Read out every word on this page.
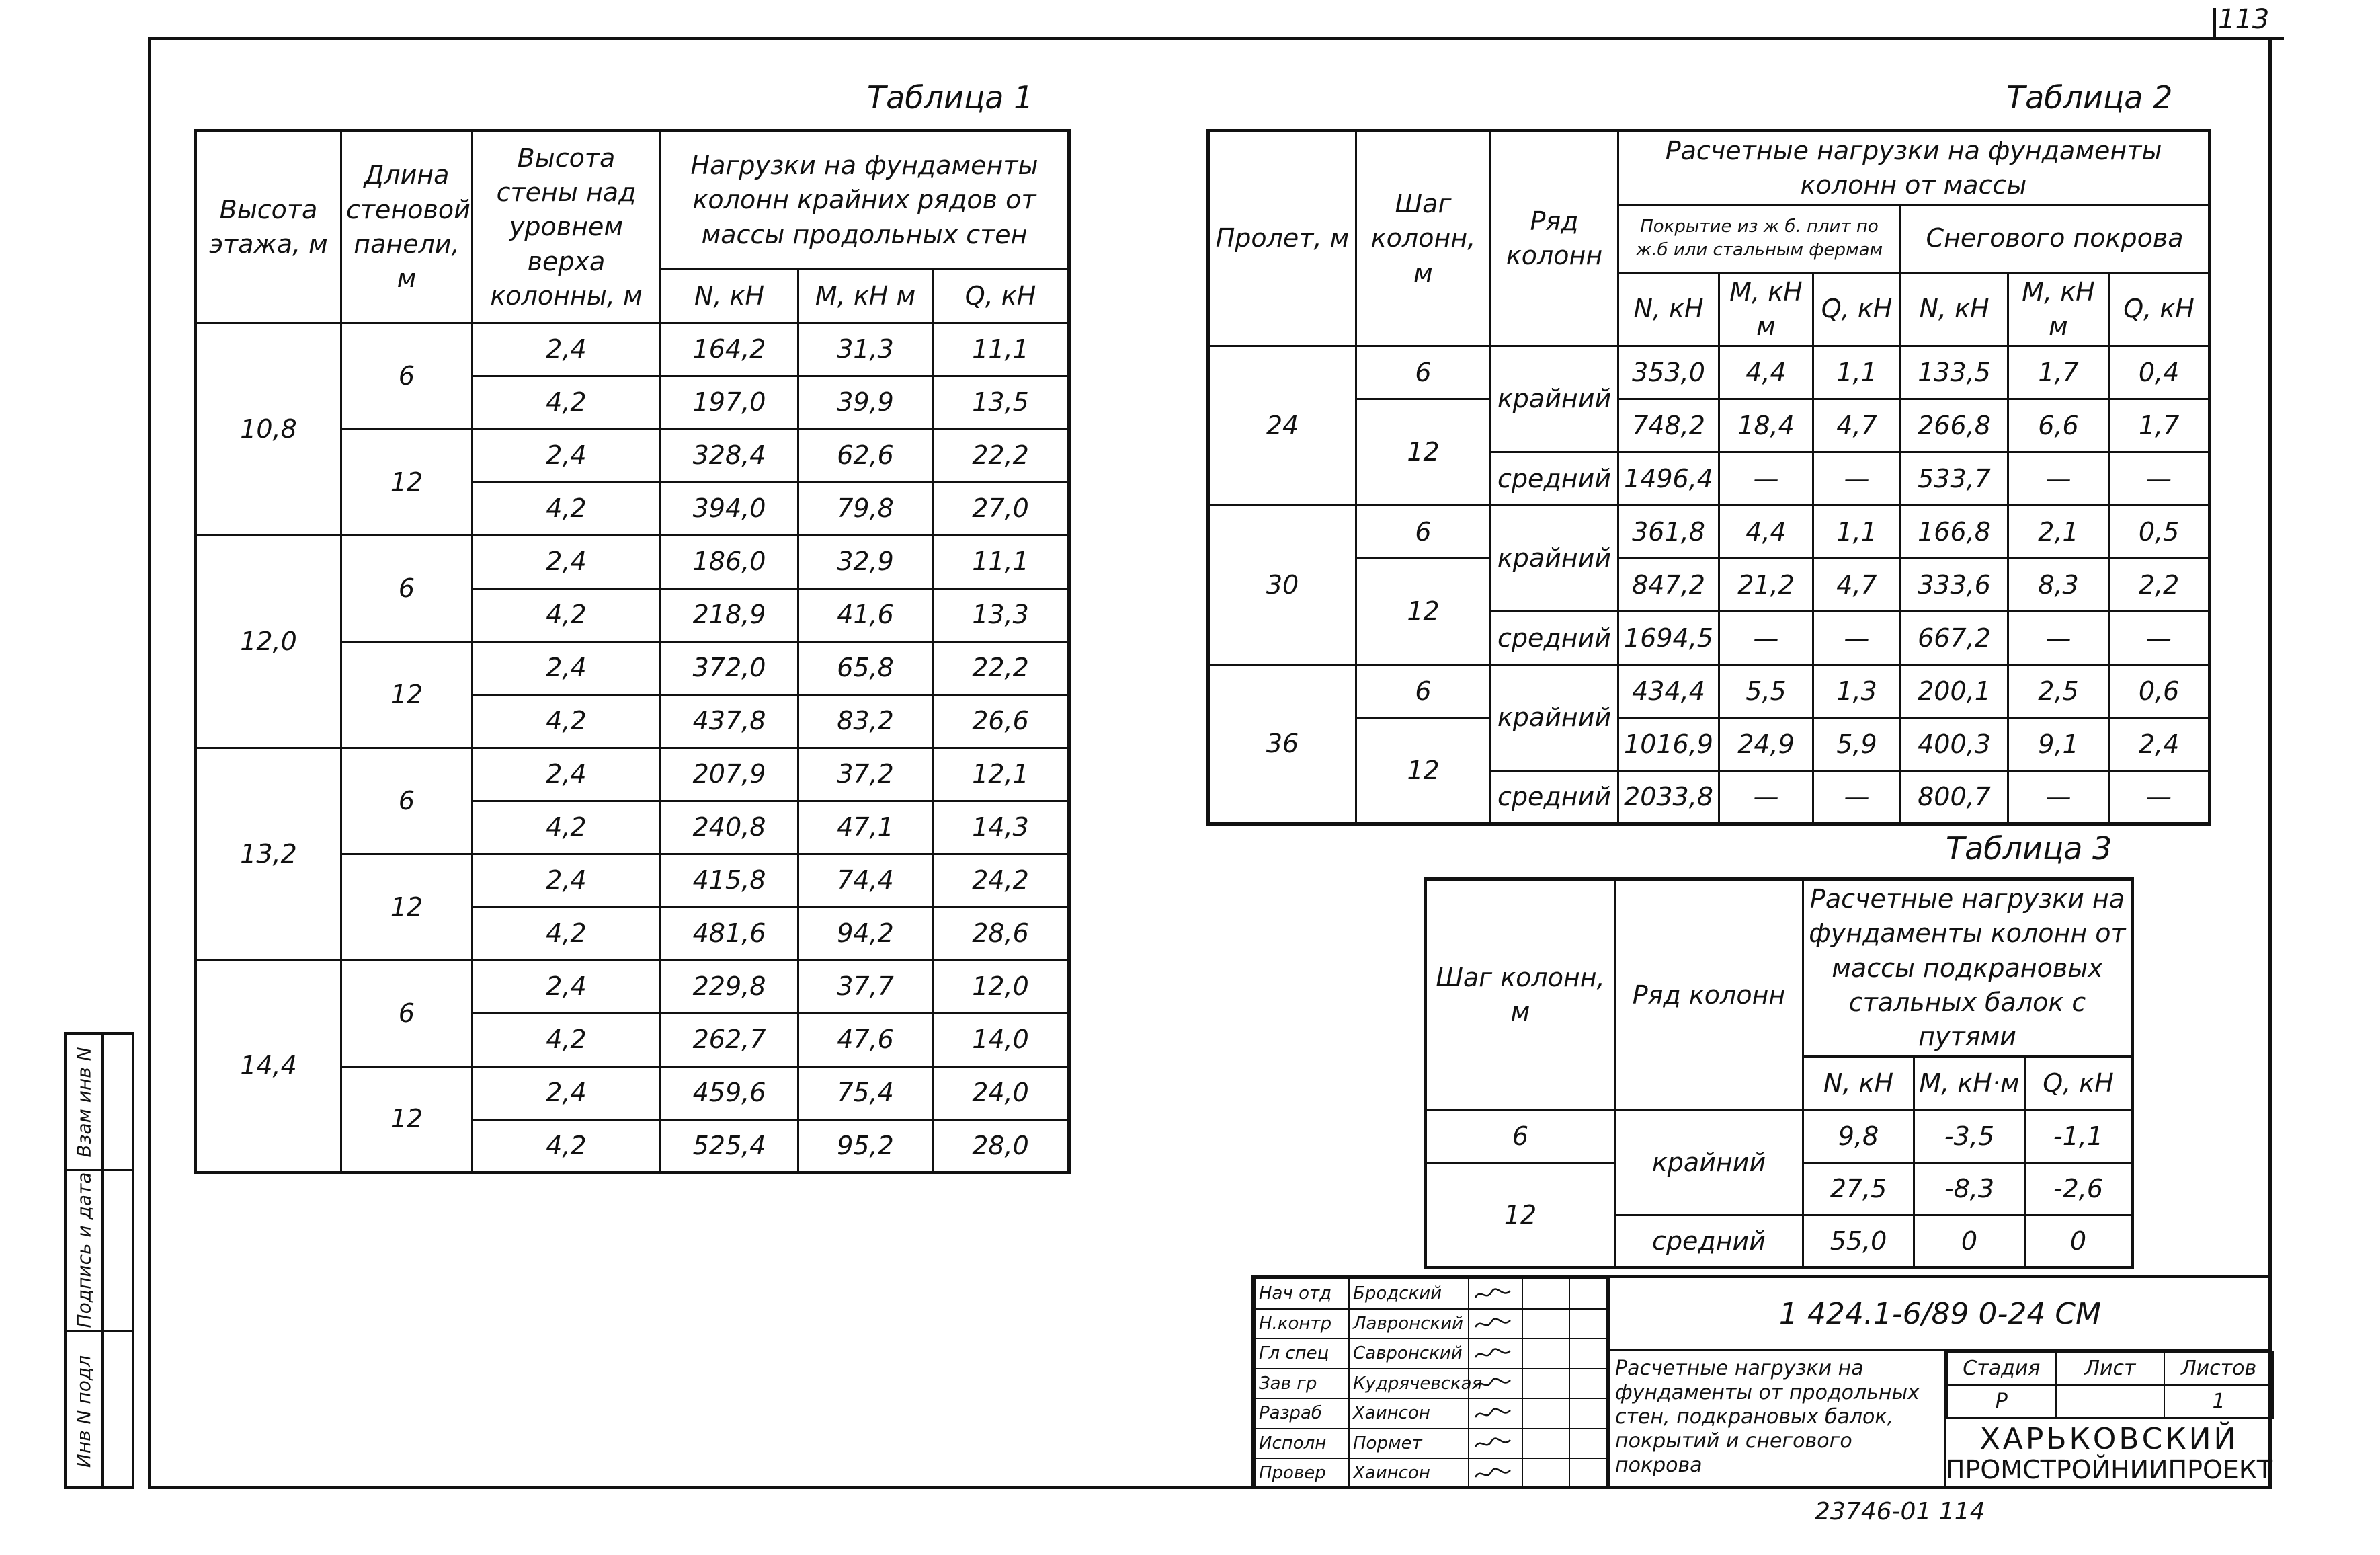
113
Таблица 1
Высота этажа, м	Длина стеновой панели, м	Высота стены над уровнем верха колонны, м	Нагрузки на фундаменты колонн крайних рядов от массы продольных стен		
			N, кН	M, кН м	Q, кН
10,8	6	2,4	164,2	31,3	11,1
		4,2	197,0	39,9	13,5
	12	2,4	328,4	62,6	22,2
		4,2	394,0	79,8	27,0
12,0	6	2,4	186,0	32,9	11,1
		4,2	218,9	41,6	13,3
	12	2,4	372,0	65,8	22,2
		4,2	437,8	83,2	26,6
13,2	6	2,4	207,9	37,2	12,1
		4,2	240,8	47,1	14,3
	12	2,4	415,8	74,4	24,2
		4,2	481,6	94,2	28,6
14,4	6	2,4	229,8	37,7	12,0
		4,2	262,7	47,6	14,0
	12	2,4	459,6	75,4	24,0
		4,2	525,4	95,2	28,0
Таблица 2
Пролет, м	Шаг колонн, м	Ряд колонн	Расчетные нагрузки на фундаменты колонн от массы					
			Покрытие из ж б. плит по ж.б или стальным фермам			Снегового покрова		
			N, кН	M, кН м	Q, кН	N, кН	M, кН м	Q, кН
24	6	крайний	353,0	4,4	1,1	133,5	1,7	0,4
	12		748,2	18,4	4,7	266,8	6,6	1,7
		средний	1496,4	—	—	533,7	—	—
30	6	крайний	361,8	4,4	1,1	166,8	2,1	0,5
	12		847,2	21,2	4,7	333,6	8,3	2,2
		средний	1694,5	—	—	667,2	—	—
36	6	крайний	434,4	5,5	1,3	200,1	2,5	0,6
	12		1016,9	24,9	5,9	400,3	9,1	2,4
		средний	2033,8	—	—	800,7	—	—
Таблица 3
Шаг колонн, м	Ряд колонн	Расчетные нагрузки на фундаменты колонн от массы подкрановых стальных балок с путями		
		N, кН	M, кН·м	Q, кН
6	крайний	9,8	-3,5	-1,1
12		27,5	-8,3	-2,6
	средний	55,0	0	0
Взам инв N
Подпись и дата
Инв N подл
Нач отд	Бродский			
Н.контр	Лавронский			
Гл спец	Савронский			
Зав гр	Кудрячевская			
Разраб	Хаинсон			
Исполн	Пормет			
Провер	Хаинсон			
1 424.1-6/89 0-24 СМ
Расчетные нагрузки на фундаменты от продольных стен, подкрановых балок, покрытий и снегового покрова
Стадия	Лист	Листов
Р		1
ХАРЬКОВСКИЙ
ПРОМСТРОЙНИИПРОЕКТ
23746-01 114
